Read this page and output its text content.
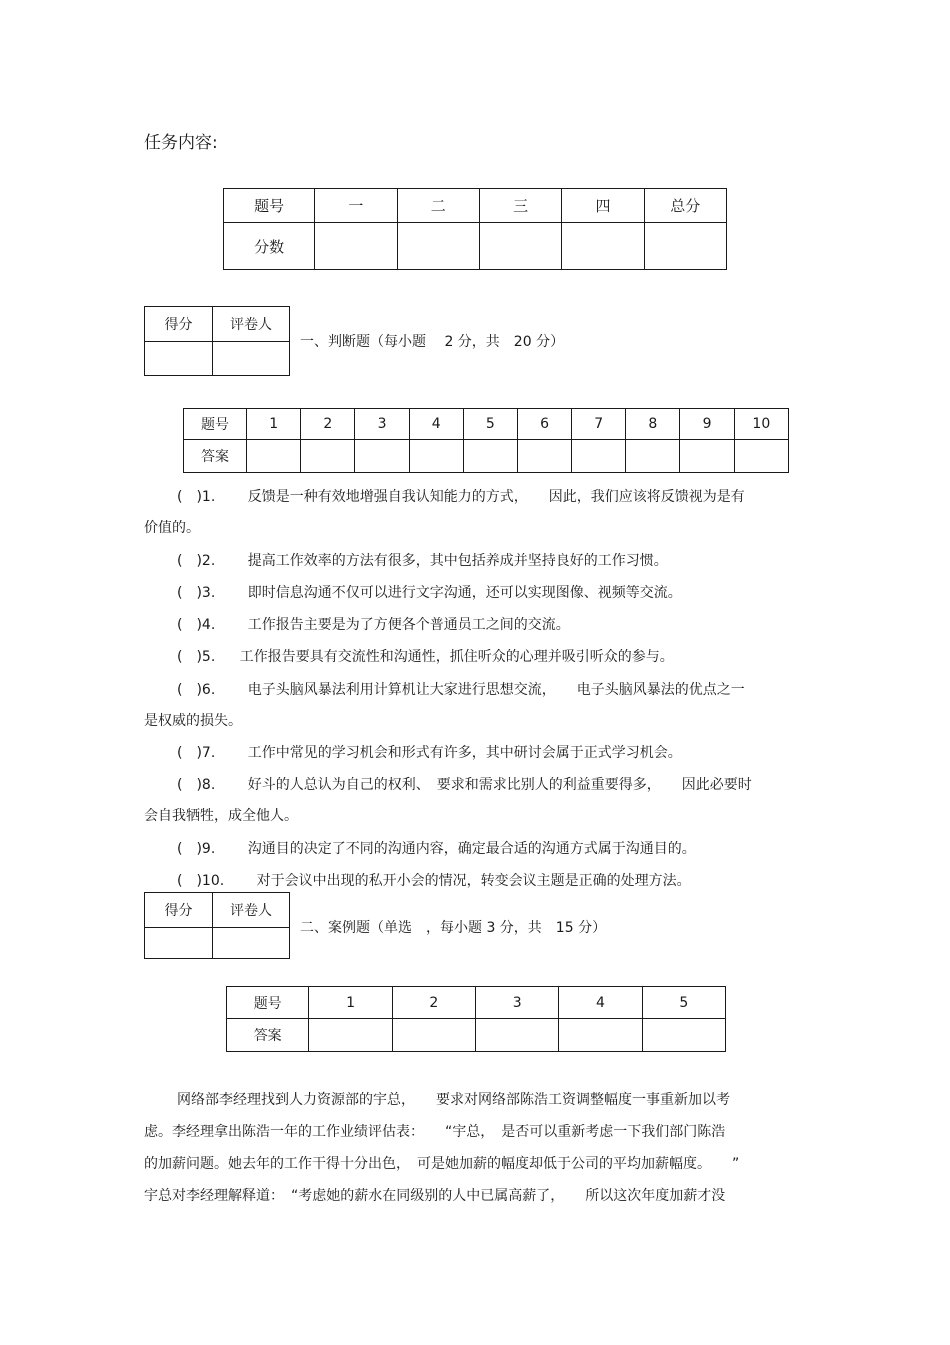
任务内容:
题号	一	二	三	四	总分
分数					
得分	评卷人

一、判断题（每小题　 2 分，共　20 分）
题号	1	2	3	4	5	6	7	8	9	10
答案										
(　)1. 反馈是一种有效地增强自我认知能力的方式，　　因此，我们应该将反馈视为是有
价值的。
(　)2. 提高工作效率的方法有很多，其中包括养成并坚持良好的工作习惯。
(　)3. 即时信息沟通不仅可以进行文字沟通，还可以实现图像、视频等交流。
(　)4. 工作报告主要是为了方便各个普通员工之间的交流。
(　)5. 工作报告要具有交流性和沟通性，抓住听众的心理并吸引听众的参与。
(　)6. 电子头脑风暴法利用计算机让大家进行思想交流，　　电子头脑风暴法的优点之一
是权威的损失。
(　)7. 工作中常见的学习机会和形式有许多，其中研讨会属于正式学习机会。
(　)8. 好斗的人总认为自己的权利、　要求和需求比别人的利益重要得多，　　因此必要时
会自我牺牲，成全他人。
(　)9. 沟通目的决定了不同的沟通内容，确定最合适的沟通方式属于沟通目的。
(　)10. 对于会议中出现的私开小会的情况，转变会议主题是正确的处理方法。
得分	评卷人

二、案例题（单选　，每小题 3 分，共　15 分）
题号	1	2	3	4	5
答案					
网络部李经理找到人力资源部的宇总，　　要求对网络部陈浩工资调整幅度一事重新加以考
虑。李经理拿出陈浩一年的工作业绩评估表：　　“宇总，　是否可以重新考虑一下我们部门陈浩
的加薪问题。她去年的工作干得十分出色，　可是她加薪的幅度却低于公司的平均加薪幅度。　　”
宇总对李经理解释道：　“考虑她的薪水在同级别的人中已属高薪了，　　所以这次年度加薪才没
